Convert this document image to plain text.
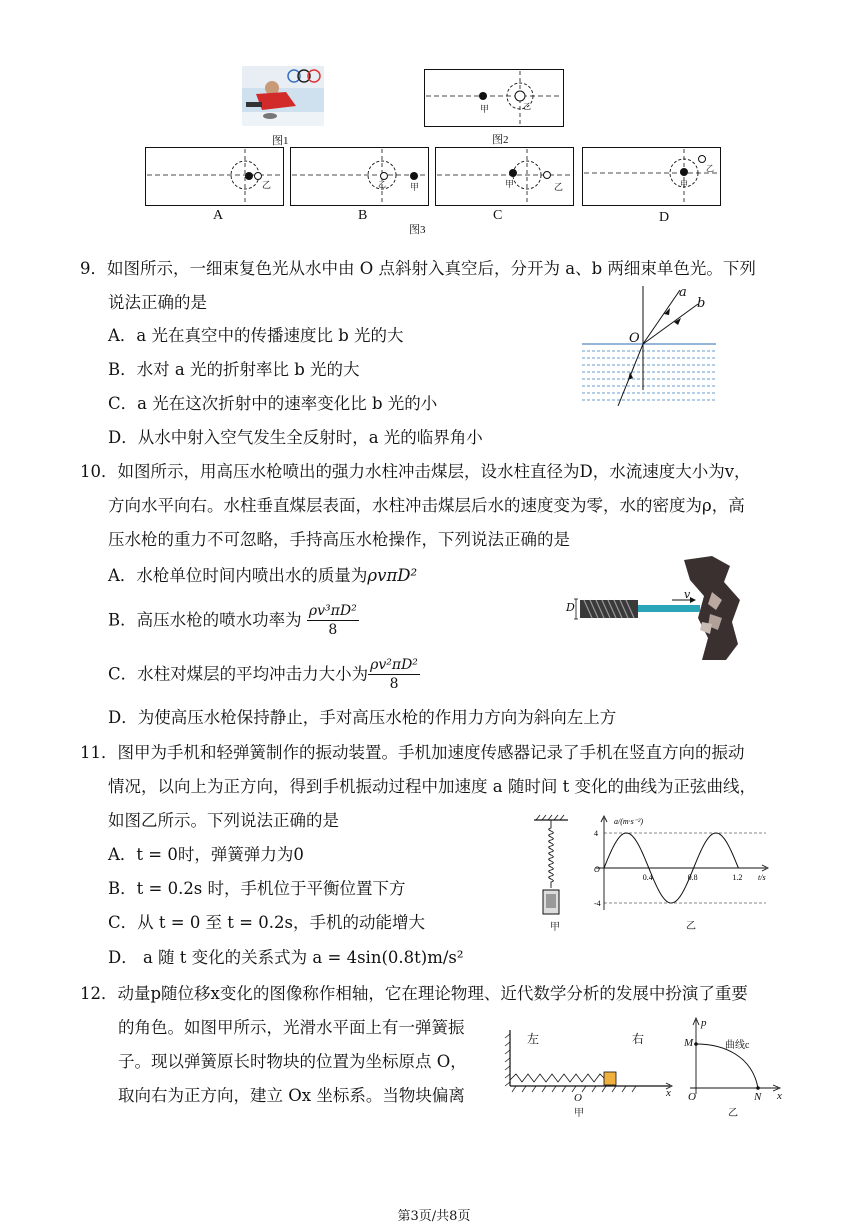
图1
甲	乙
图2
乙
A
乙	甲
B
甲	乙
C
甲
乙
D
图3
9．如图所示，一细束复色光从水中由 O 点斜射入真空后，分开为 a、b 两细束单色光。下列
说法正确的是
A．a 光在真空中的传播速度比 b 光的大
B．水对 a 光的折射率比 b 光的大
C．a 光在这次折射中的速率变化比 b 光的小
D．从水中射入空气发生全反射时，a 光的临界角小
a
b
O
10．如图所示，用高压水枪喷出的强力水柱冲击煤层，设水柱直径为D，水流速度大小为v，
方向水平向右。水柱垂直煤层表面，水柱冲击煤层后水的速度变为零，水的密度为ρ，高
压水枪的重力不可忽略，手持高压水枪操作，下列说法正确的是
A．水枪单位时间内喷出水的质量为ρvπD²
B．高压水枪的喷水功率为 $\frac{\text{ρv³πD²}}{8}$
C．水柱对煤层的平均冲击力大小为 $\frac{\text{ρv²πD²}}{8}$
D．为使高压水枪保持静止，手对高压水枪的作用力方向为斜向左上方
D
v
11．图甲为手机和轻弹簧制作的振动装置。手机加速度传感器记录了手机在竖直方向的振动
情况，以向上为正方向，得到手机振动过程中加速度 a 随时间 t 变化的曲线为正弦曲线，
如图乙所示。下列说法正确的是
A．t = 0时，弹簧弹力为0
B．t = 0.2s 时，手机位于平衡位置下方
C．从 t = 0 至 t = 0.2s，手机的动能增大
D． a 随 t 变化的关系式为 a = 4sin(0.8t)m/s²
甲
4
-4
0.4	0.8	1.2
a/(m·s⁻²)
t/s
O
乙
12．动量p随位移x变化的图像称作相轴，它在理论物理、近代数学分析的发展中扮演了重要
的角色。如图甲所示，光滑水平面上有一弹簧振
子。现以弹簧原长时物块的位置为坐标原点 O，
取向右为正方向，建立 Ox 坐标系。当物块偏离
左	右
O	x
甲
p
M	曲线c
O	N x
乙
第3页/共8页
